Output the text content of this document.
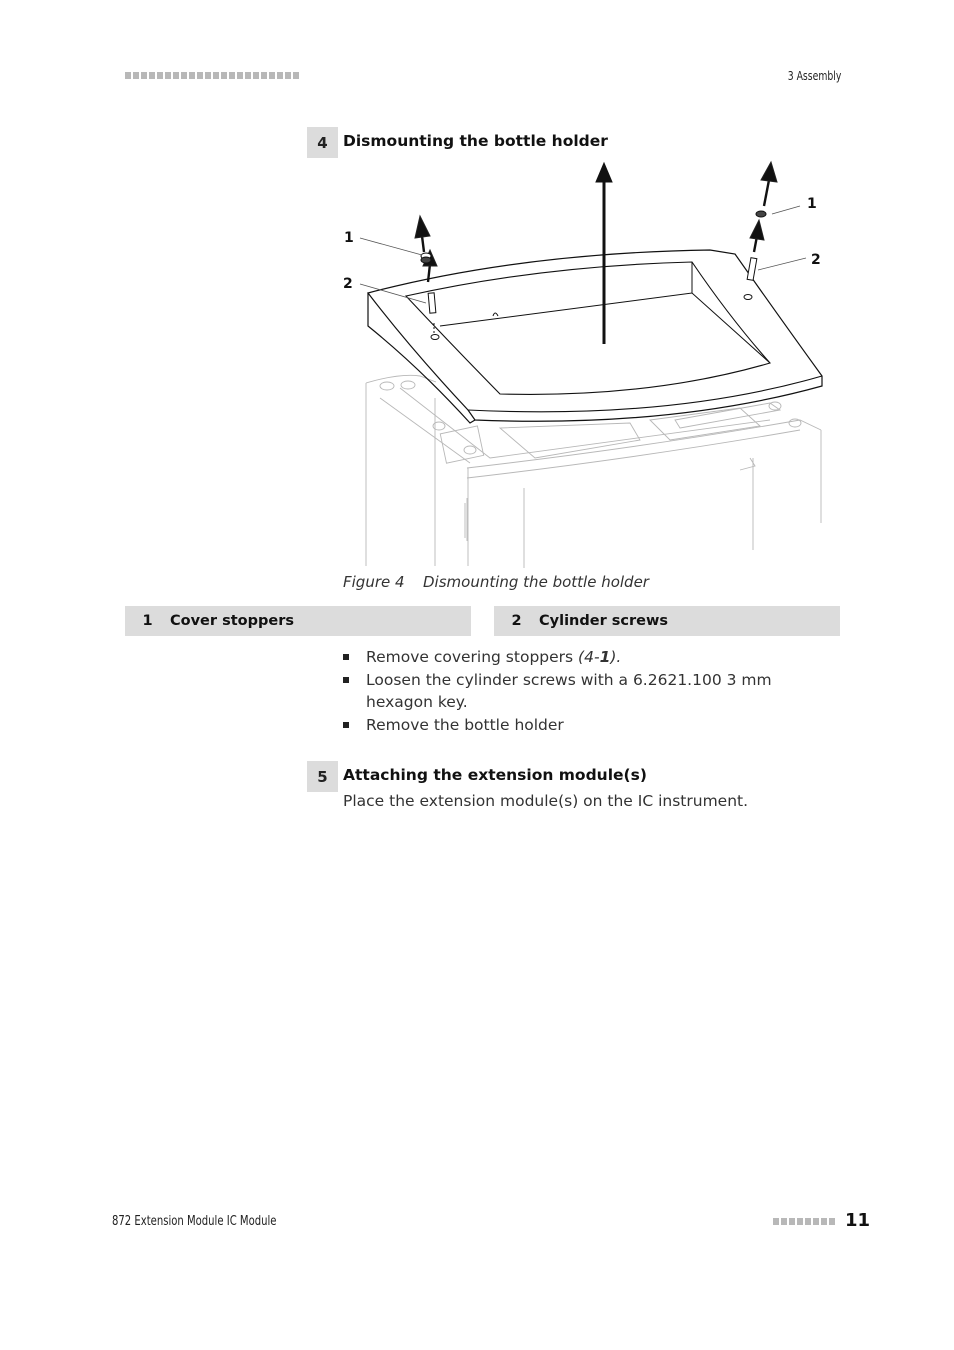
3 Assembly
4 Dismounting the bottle holder
1
2
1
2
Figure 4 Dismounting the bottle holder
1	Cover stoppers	2	Cylinder screws
Remove covering stoppers (4-1).
Loosen the cylinder screws with a 6.2621.100 3 mm hexagon key.
Remove the bottle holder
5 Attaching the extension module(s)
Place the extension module(s) on the IC instrument.
872 Extension Module IC Module	11
